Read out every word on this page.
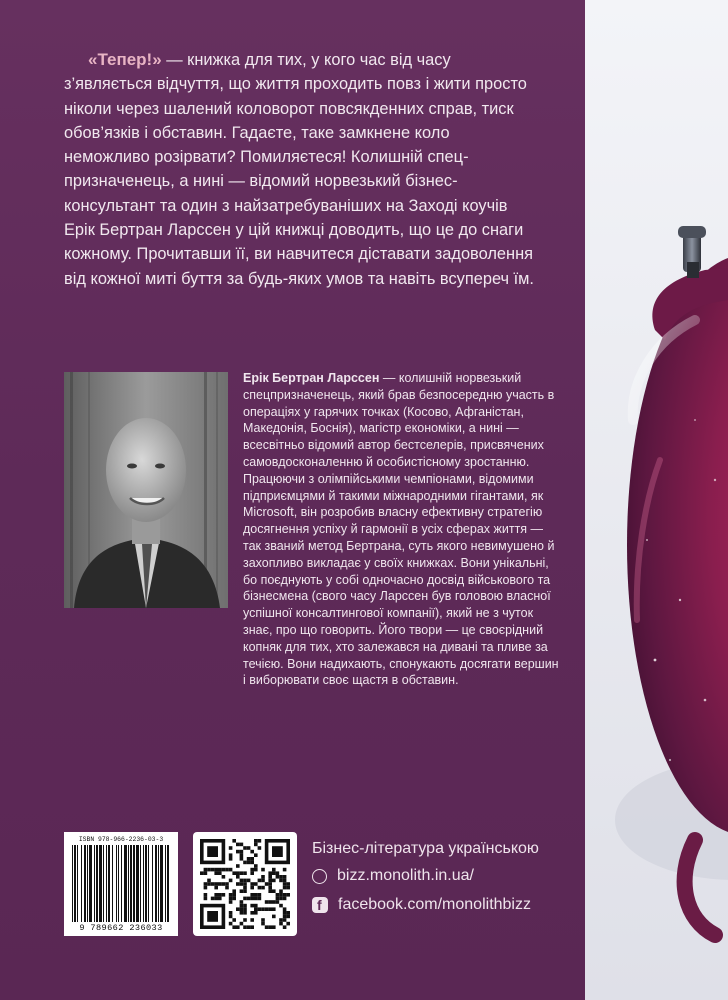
«Тепер!» — книжка для тих, у кого час від часу з’являється відчуття, що життя проходить повз і жити просто ніколи через шалений коловорот повсякденних справ, тиск обов’язків і обставин. Гадаєте, таке замкнене коло неможливо розірвати? Помиляєтеся! Колишній спец-призначенець, а нині — відомий норвезький бізнес-консультант та один з найзатребуваніших на Заході коучів Ерік Бертран Ларссен у цій книжці доводить, що це до снаги кожному. Прочитавши її, ви навчитеся діставати задоволення від кожної миті буття за будь-яких умов та навіть всупереч їм.

Ерік Бертран Ларссен — колишній норвезький спецпризначенець, який брав безпосередню участь в операціях у гарячих точках (Косово, Афганістан, Македонія, Боснія), магістр економіки, а нині — всесвітньо відомий автор бестселерів, присвячених самовдосконаленню й особистісному зростанню. Працюючи з олімпійськими чемпіонами, відомими підприємцями й такими міжнародними гігантами, як Microsoft, він розробив власну ефективну стратегію досягнення успіху й гармонії в усіх сферах життя — так званий метод Бертрана, суть якого невимушено й захопливо викладає у своїх книжках. Вони унікальні, бо поєднують у собі одночасно досвід військового та бізнесмена (свого часу Ларссен був головою власної успішної консалтингової компанії), який не з чуток знає, про що говорить. Його твори — це своєрідний копняк для тих, хто залежався на дивані та пливе за течією. Вони надихають, спонукають досягати вершин і виборювати своє щастя в обставин.

ISBN 978-966-2236-03-3
9 789662 236033
Бізнес-література українською
bizz.monolith.in.ua/
f facebook.com/monolithbizz
